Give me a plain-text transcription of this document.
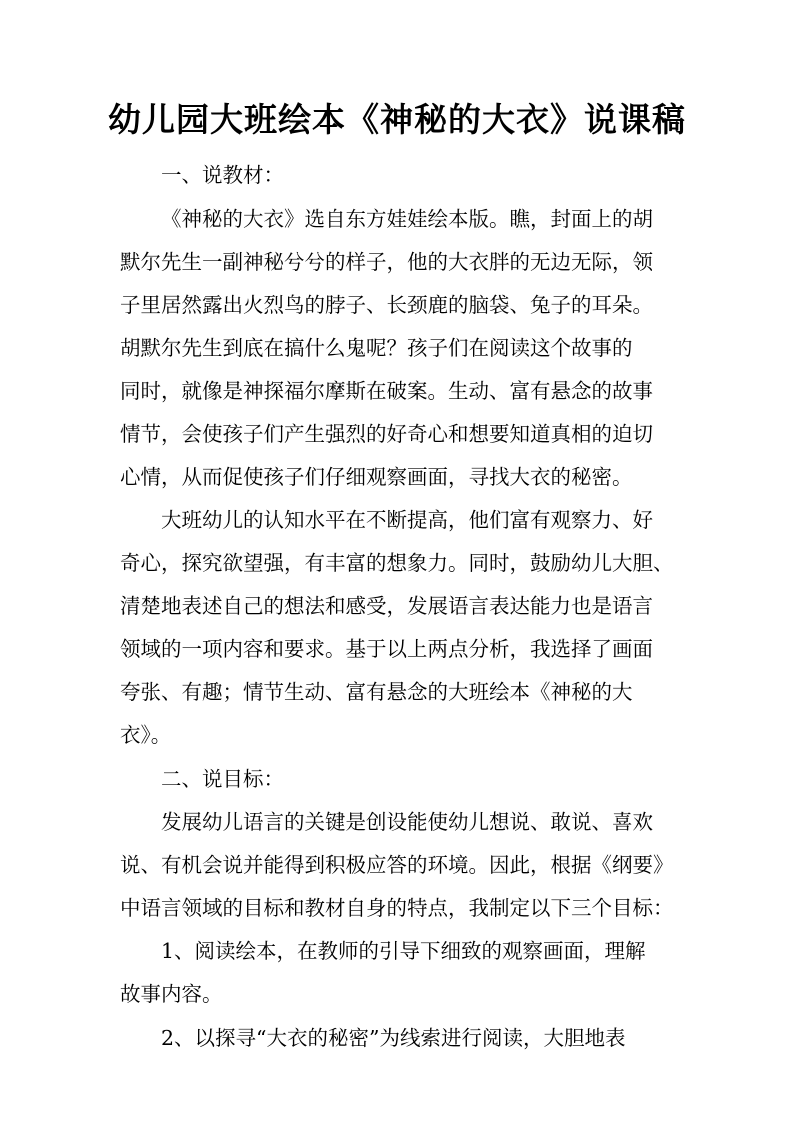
幼儿园大班绘本《神秘的大衣》说课稿

一、说教材：

《神秘的大衣》选自东方娃娃绘本版。瞧，封面上的胡

默尔先生一副神秘兮兮的样子，他的大衣胖的无边无际，领

子里居然露出火烈鸟的脖子、长颈鹿的脑袋、兔子的耳朵。

胡默尔先生到底在搞什么鬼呢？孩子们在阅读这个故事的

同时，就像是神探福尔摩斯在破案。生动、富有悬念的故事

情节，会使孩子们产生强烈的好奇心和想要知道真相的迫切

心情，从而促使孩子们仔细观察画面，寻找大衣的秘密。

大班幼儿的认知水平在不断提高，他们富有观察力、好

奇心，探究欲望强，有丰富的想象力。同时，鼓励幼儿大胆、

清楚地表述自己的想法和感受，发展语言表达能力也是语言

领域的一项内容和要求。基于以上两点分析，我选择了画面

夸张、有趣；情节生动、富有悬念的大班绘本《神秘的大

衣》。

二、说目标：

发展幼儿语言的关键是创设能使幼儿想说、敢说、喜欢

说、有机会说并能得到积极应答的环境。因此，根据《纲要》

中语言领域的目标和教材自身的特点，我制定以下三个目标：

1、阅读绘本，在教师的引导下细致的观察画面，理解

故事内容。

2、以探寻“大衣的秘密”为线索进行阅读，大胆地表
